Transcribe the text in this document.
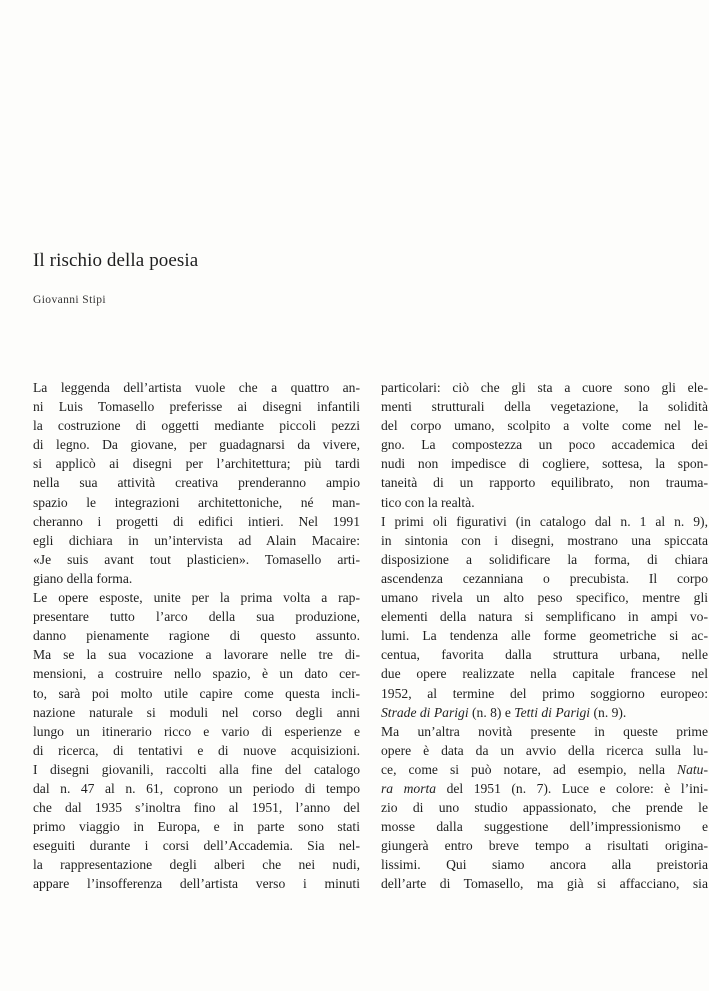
Il rischio della poesia
Giovanni Stipi
La leggenda dell’artista vuole che a quattro an-
ni Luis Tomasello preferisse ai disegni infantili
la costruzione di oggetti mediante piccoli pezzi
di legno. Da giovane, per guadagnarsi da vivere,
si applicò ai disegni per l’architettura; più tardi
nella sua attività creativa prenderanno ampio
spazio le integrazioni architettoniche, né man-
cheranno i progetti di edifici intieri. Nel 1991
egli dichiara in un’intervista ad Alain Macaire:
«Je suis avant tout plasticien». Tomasello arti-
giano della forma.
Le opere esposte, unite per la prima volta a rap-
presentare tutto l’arco della sua produzione,
danno pienamente ragione di questo assunto.
Ma se la sua vocazione a lavorare nelle tre di-
mensioni, a costruire nello spazio, è un dato cer-
to, sarà poi molto utile capire come questa incli-
nazione naturale si moduli nel corso degli anni
lungo un itinerario ricco e vario di esperienze e
di ricerca, di tentativi e di nuove acquisizioni.
I disegni giovanili, raccolti alla fine del catalogo
dal n. 47 al n. 61, coprono un periodo di tempo
che dal 1935 s’inoltra fino al 1951, l’anno del
primo viaggio in Europa, e in parte sono stati
eseguiti durante i corsi dell’Accademia. Sia nel-
la rappresentazione degli alberi che nei nudi,
appare l’insofferenza dell’artista verso i minuti
particolari: ciò che gli sta a cuore sono gli ele-
menti strutturali della vegetazione, la solidità
del corpo umano, scolpito a volte come nel le-
gno. La compostezza un poco accademica dei
nudi non impedisce di cogliere, sottesa, la spon-
taneità di un rapporto equilibrato, non trauma-
tico con la realtà.
I primi oli figurativi (in catalogo dal n. 1 al n. 9),
in sintonia con i disegni, mostrano una spiccata
disposizione a solidificare la forma, di chiara
ascendenza cezanniana o precubista. Il corpo
umano rivela un alto peso specifico, mentre gli
elementi della natura si semplificano in ampi vo-
lumi. La tendenza alle forme geometriche si ac-
centua, favorita dalla struttura urbana, nelle
due opere realizzate nella capitale francese nel
1952, al termine del primo soggiorno europeo:
Strade di Parigi (n. 8) e Tetti di Parigi (n. 9).
Ma un’altra novità presente in queste prime
opere è data da un avvio della ricerca sulla lu-
ce, come si può notare, ad esempio, nella Natu-
ra morta del 1951 (n. 7). Luce e colore: è l’ini-
zio di uno studio appassionato, che prende le
mosse dalla suggestione dell’impressionismo e
giungerà entro breve tempo a risultati origina-
lissimi. Qui siamo ancora alla preistoria
dell’arte di Tomasello, ma già si affacciano, sia
